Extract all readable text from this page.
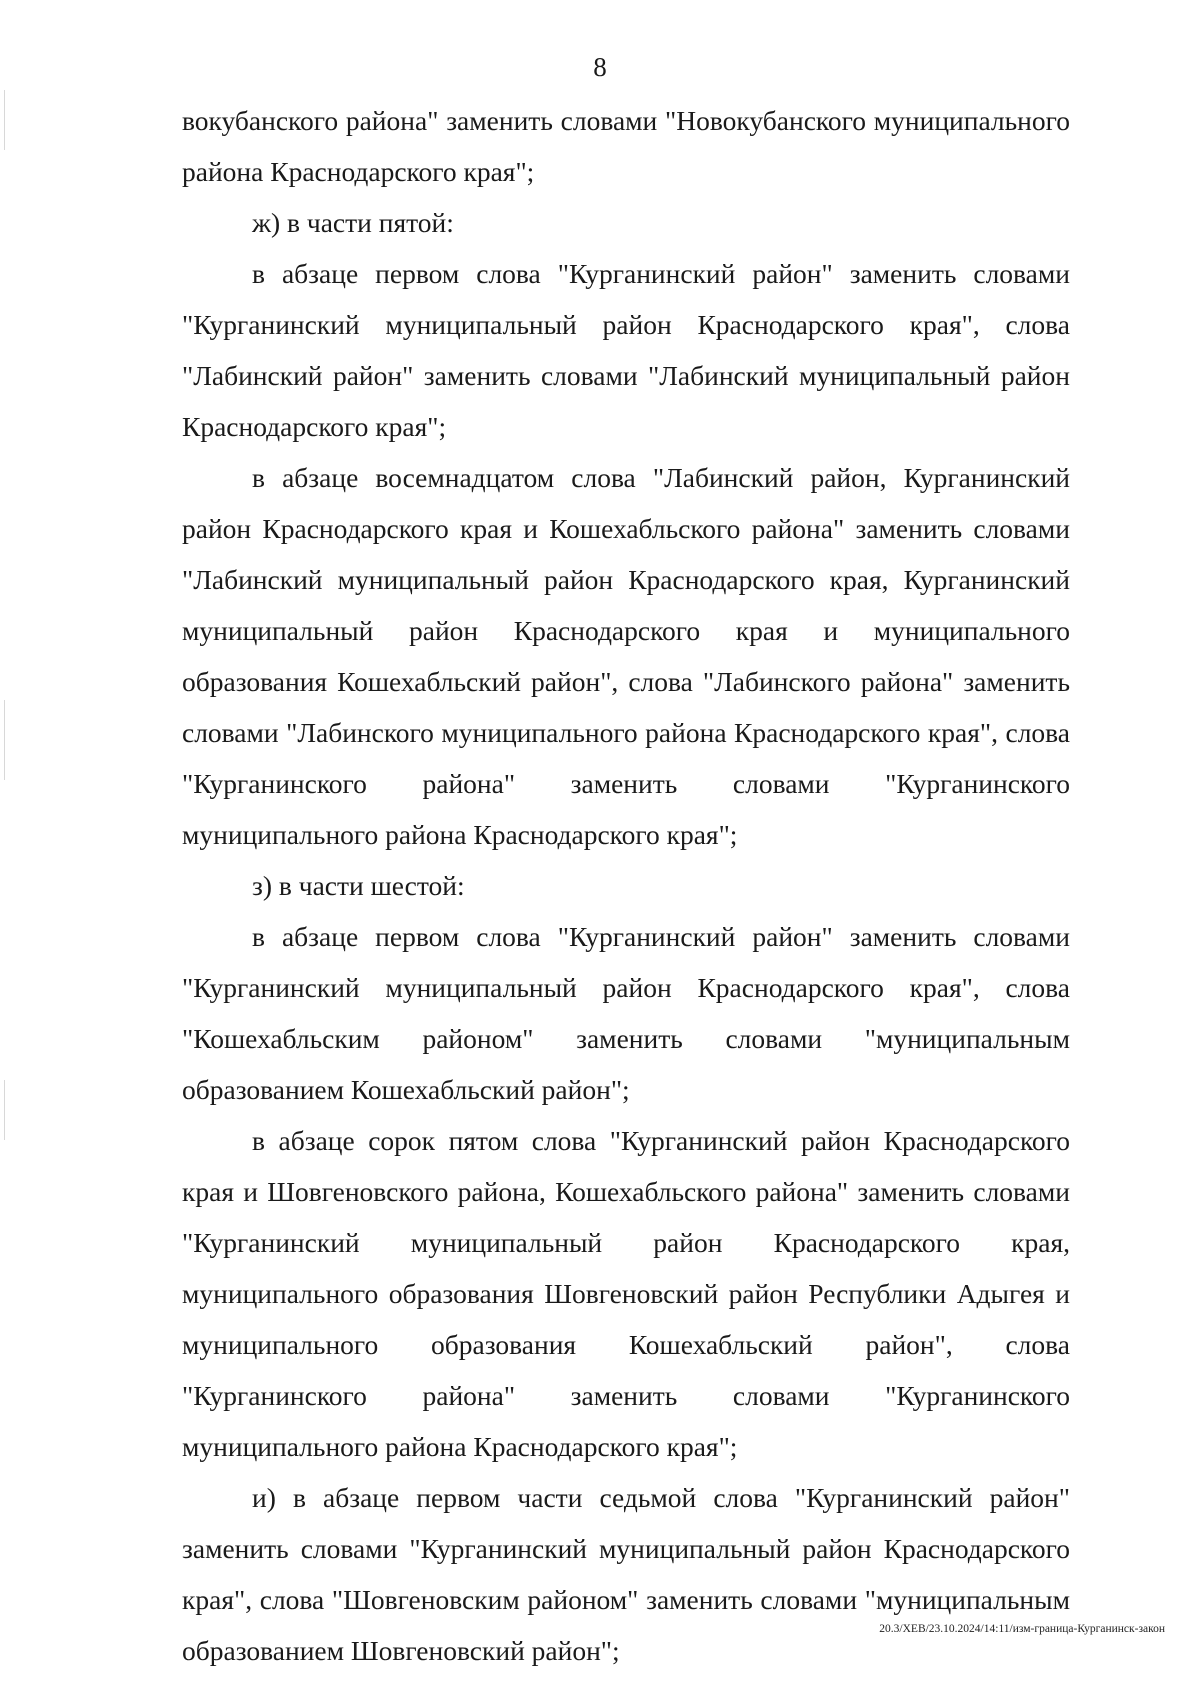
8

вокубанского района" заменить словами "Новокубанского муниципального района Краснодарского края";

ж) в части пятой:

в абзаце первом слова "Курганинский район" заменить словами "Курганинский муниципальный район Краснодарского края", слова "Лабинский район" заменить словами "Лабинский муниципальный район Краснодарского края";

в абзаце восемнадцатом слова "Лабинский район, Курганинский район Краснодарского края и Кошехабльского района" заменить словами "Лабинский муниципальный район Краснодарского края, Курганинский муниципальный район Краснодарского края и муниципального образования Кошехабльский район", слова "Лабинского района" заменить словами "Лабинского муниципального района Краснодарского края", слова "Курганинского района" заменить словами "Курганинского муниципального района Краснодарского края";

з) в части шестой:

в абзаце первом слова "Курганинский район" заменить словами "Курганинский муниципальный район Краснодарского края", слова "Кошехабльским районом" заменить словами "муниципальным образованием Кошехабльский район";

в абзаце сорок пятом слова "Курганинский район Краснодарского края и Шовгеновского района, Кошехабльского района" заменить словами "Курганинский муниципальный район Краснодарского края, муниципального образования Шовгеновский район Республики Адыгея и муниципального образования Кошехабльский район", слова "Курганинского района" заменить словами "Курганинского муниципального района Краснодарского края";

и) в абзаце первом части седьмой слова "Курганинский район" заменить словами "Курганинский муниципальный район Краснодарского края", слова "Шовгеновским районом" заменить словами "муниципальным образованием Шовгеновский район";

20.3/ХЕВ/23.10.2024/14:11/изм-граница-Курганинск-закон
